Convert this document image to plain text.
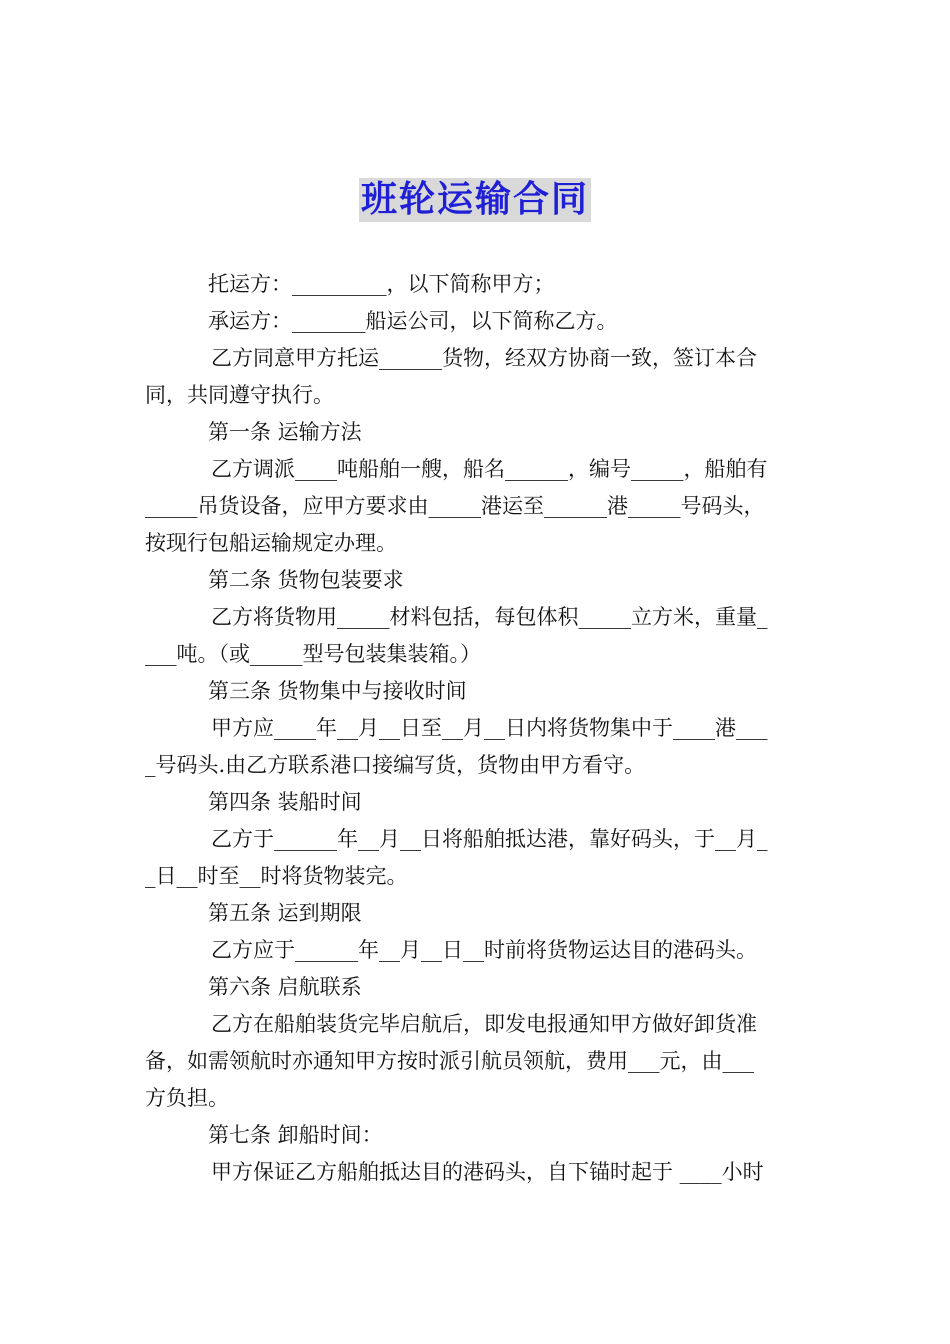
班轮运输合同
托运方：_________，以下简称甲方；
承运方：_______船运公司，以下简称乙方。
乙方同意甲方托运______货物，经双方协商一致，签订本合
同，共同遵守执行。
第一条 运输方法
乙方调派____吨船舶一艘，船名______，编号_____，船舶有
_____吊货设备，应甲方要求由_____港运至______港_____号码头，
按现行包船运输规定办理。
第二条 货物包装要求
乙方将货物用_____材料包括，每包体积_____立方米，重量_
___吨。（或_____型号包装集装箱。）
第三条 货物集中与接收时间
甲方应____年__月__日至__月__日内将货物集中于____港___
_号码头.由乙方联系港口接编写货，货物由甲方看守。
第四条 装船时间
乙方于______年__月__日将船舶抵达港，靠好码头，于__月_
_日__时至__时将货物装完。
第五条 运到期限
乙方应于______年__月__日__时前将货物运达目的港码头。
第六条 启航联系
乙方在船舶装货完毕启航后，即发电报通知甲方做好卸货准
备，如需领航时亦通知甲方按时派引航员领航，费用___元，由___
方负担。
第七条 卸船时间：
甲方保证乙方船舶抵达目的港码头，自下锚时起于 ____小时
